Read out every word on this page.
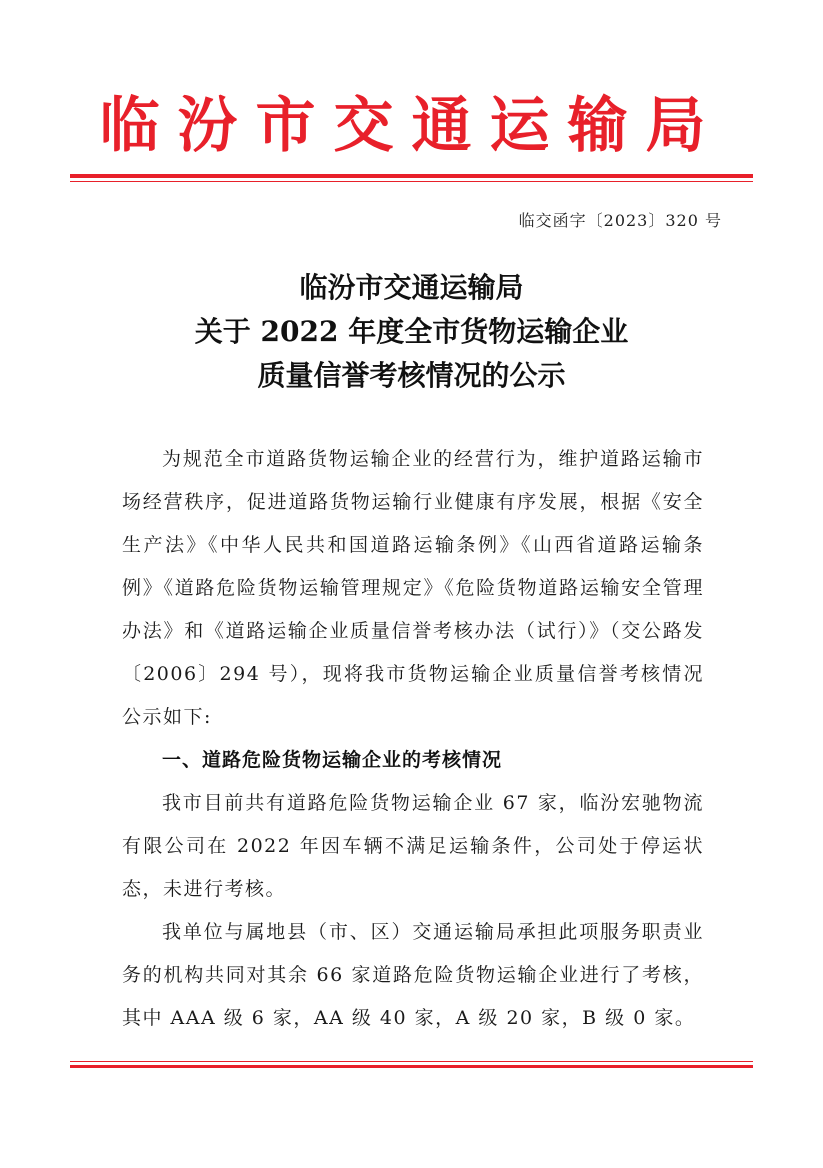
临汾市交通运输局
临交函字〔2023〕320 号
临汾市交通运输局
关于 2022 年度全市货物运输企业
质量信誉考核情况的公示

为规范全市道路货物运输企业的经营行为，维护道路运输市场经营秩序，促进道路货物运输行业健康有序发展，根据《安全生产法》《中华人民共和国道路运输条例》《山西省道路运输条例》《道路危险货物运输管理规定》《危险货物道路运输安全管理办法》和《道路运输企业质量信誉考核办法（试行）》（交公路发〔2006〕294 号），现将我市货物运输企业质量信誉考核情况公示如下:

一、道路危险货物运输企业的考核情况

我市目前共有道路危险货物运输企业 67 家，临汾宏驰物流有限公司在 2022 年因车辆不满足运输条件，公司处于停运状态，未进行考核。

我单位与属地县（市、区）交通运输局承担此项服务职责业务的机构共同对其余 66 家道路危险货物运输企业进行了考核，其中 AAA 级 6 家，AA 级 40 家，A 级 20 家，B 级 0 家。
